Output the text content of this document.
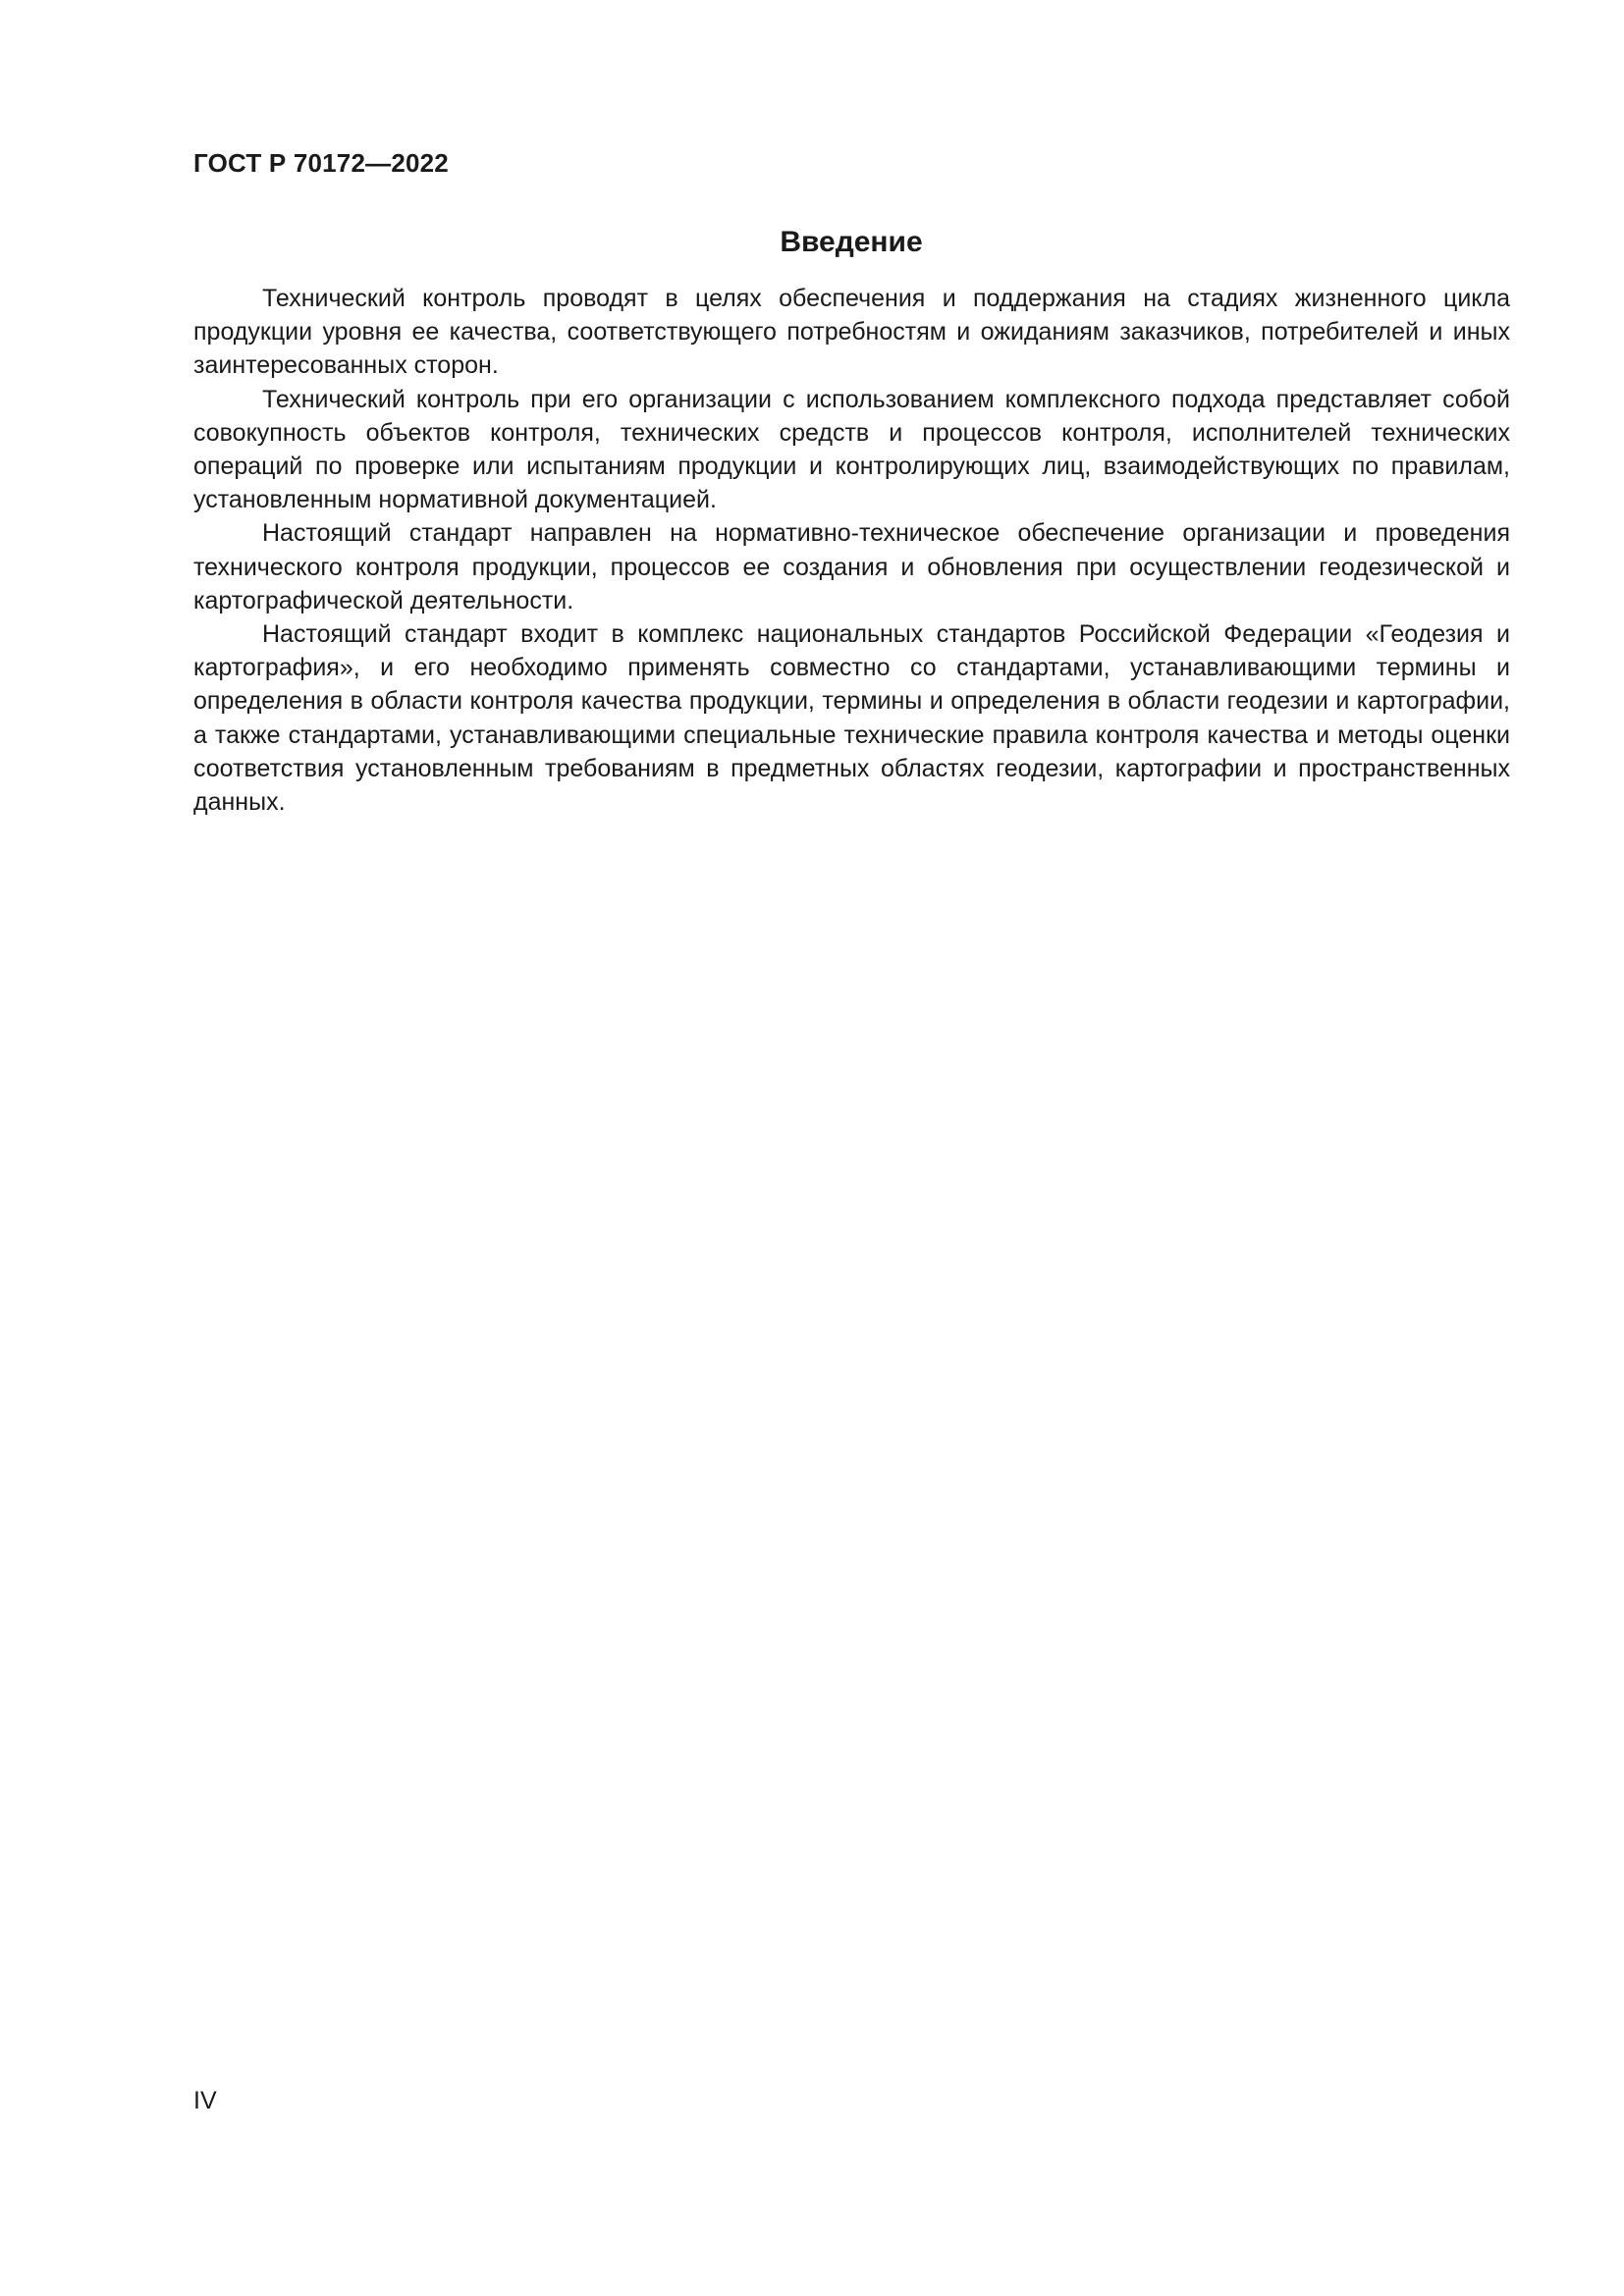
ГОСТ Р 70172—2022
Введение

Технический контроль проводят в целях обеспечения и поддержания на стадиях жизненного цикла продукции уровня ее качества, соответствующего потребностям и ожиданиям заказчиков, потребителей и иных заинтересованных сторон.

Технический контроль при его организации с использованием комплексного подхода представляет собой совокупность объектов контроля, технических средств и процессов контроля, исполнителей технических операций по проверке или испытаниям продукции и контролирующих лиц, взаимодействующих по правилам, установленным нормативной документацией.

Настоящий стандарт направлен на нормативно-техническое обеспечение организации и проведения технического контроля продукции, процессов ее создания и обновления при осуществлении геодезической и картографической деятельности.

Настоящий стандарт входит в комплекс национальных стандартов Российской Федерации «Геодезия и картография», и его необходимо применять совместно со стандартами, устанавливающими термины и определения в области контроля качества продукции, термины и определения в области геодезии и картографии, а также стандартами, устанавливающими специальные технические правила контроля качества и методы оценки соответствия установленным требованиям в предметных областях геодезии, картографии и пространственных данных.

IV
